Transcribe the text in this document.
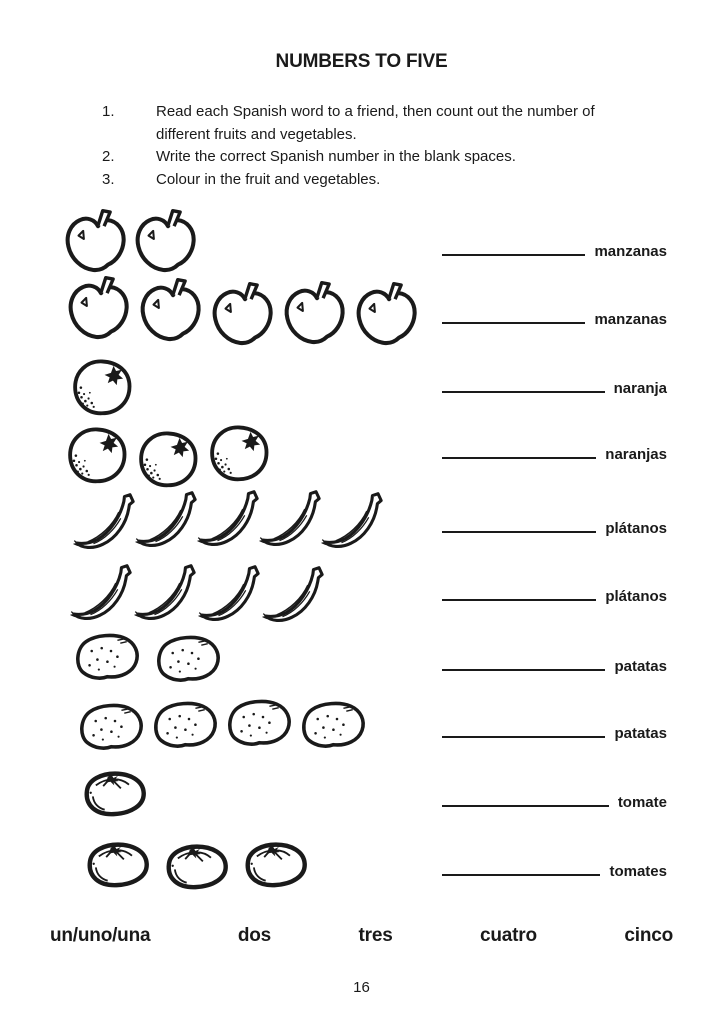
NUMBERS TO FIVE
1.	Read each Spanish word to a friend, then count out the number of different fruits and vegetables.
2.	Write the correct Spanish number in the blank spaces.
3.	Colour in the fruit and vegetables.
manzanas
manzanas
naranja
naranjas
plátanos
plátanos
patatas
patatas
tomate
tomates
un/uno/una	dos	tres	cuatro	cinco
16
